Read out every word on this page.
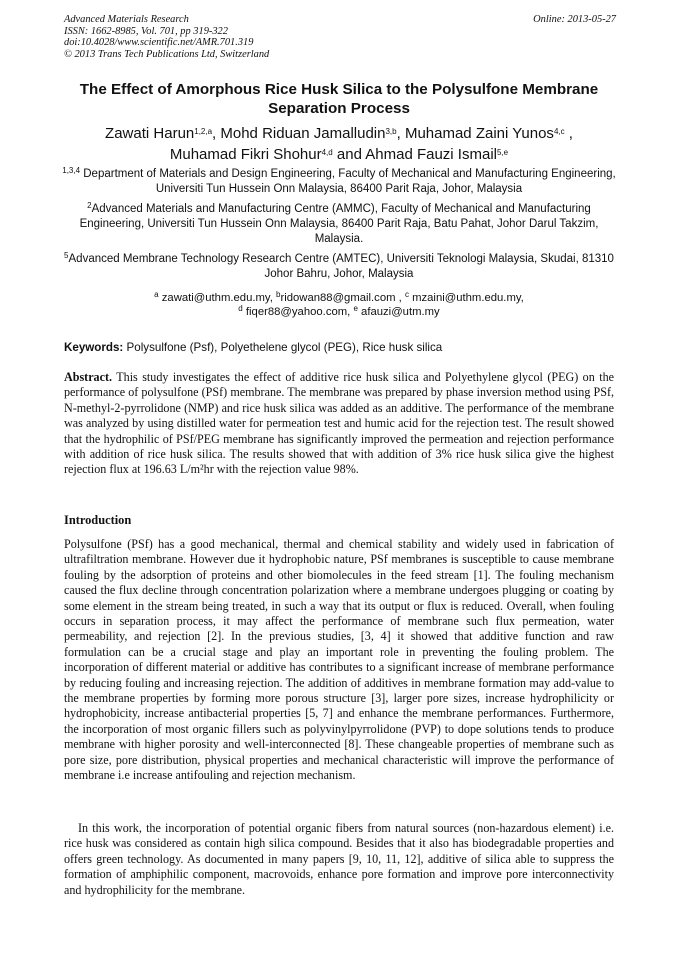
Advanced Materials Research
ISSN: 1662-8985, Vol. 701, pp 319-322
doi:10.4028/www.scientific.net/AMR.701.319
© 2013 Trans Tech Publications Ltd, Switzerland
Online: 2013-05-27
The Effect of Amorphous Rice Husk Silica to the Polysulfone Membrane
Separation Process
Zawati Harun$^{1,2,a}$, Mohd Riduan Jamalludin$^{3,b}$, Muhamad Zaini Yunos$^{4,c}$ ,
Muhamad Fikri Shohur$^{4,d}$ and Ahmad Fauzi Ismail$^{5,e}$
$^{1,3,4}$ Department of Materials and Design Engineering, Faculty of Mechanical and Manufacturing Engineering, Universiti Tun Hussein Onn Malaysia, 86400 Parit Raja, Johor, Malaysia
$^2$Advanced Materials and Manufacturing Centre (AMMC), Faculty of Mechanical and Manufacturing Engineering, Universiti Tun Hussein Onn Malaysia, 86400 Parit Raja, Batu Pahat, Johor Darul Takzim, Malaysia.
$^5$Advanced Membrane Technology Research Centre (AMTEC), Universiti Teknologi Malaysia, Skudai, 81310 Johor Bahru, Johor, Malaysia
$^a$ zawati@uthm.edu.my, $^b$ridowan88@gmail.com , $^c$ mzaini@uthm.edu.my,
$^d$ fiqer88@yahoo.com, $^e$ afauzi@utm.my
Keywords: Polysulfone (Psf), Polyethelene glycol (PEG), Rice husk silica
Abstract. This study investigates the effect of additive rice husk silica and Polyethylene glycol (PEG) on the performance of polysulfone (PSf) membrane. The membrane was prepared by phase inversion method using PSf, N-methyl-2-pyrrolidone (NMP) and rice husk silica was added as an additive. The performance of the membrane was analyzed by using distilled water for permeation test and humic acid for the rejection test. The result showed that the hydrophilic of PSf/PEG membrane has significantly improved the permeation and rejection performance with addition of rice husk silica. The results showed that with addition of 3% rice husk silica give the highest rejection flux at 196.63 L/m²hr with the rejection value 98%.
Introduction
Polysulfone (PSf) has a good mechanical, thermal and chemical stability and widely used in fabrication of ultrafiltration membrane. However due it hydrophobic nature, PSf membranes is susceptible to cause membrane fouling by the adsorption of proteins and other biomolecules in the feed stream [1]. The fouling mechanism caused the flux decline through concentration polarization where a membrane undergoes plugging or coating by some element in the stream being treated, in such a way that its output or flux is reduced. Overall, when fouling occurs in separation process, it may affect the performance of membrane such flux permeation, water permeability, and rejection [2]. In the previous studies, [3, 4] it showed that additive function and raw formulation can be a crucial stage and play an important role in preventing the fouling problem. The incorporation of different material or additive has contributes to a significant increase of membrane performance by reducing fouling and increasing rejection. The addition of additives in membrane formation may add-value to the membrane properties by forming more porous structure [3], larger pore sizes, increase hydrophilicity or hydrophobicity, increase antibacterial properties [5, 7] and enhance the membrane performances. Furthermore, the incorporation of most organic fillers such as polyvinylpyrrolidone (PVP) to dope solutions tends to produce membrane with higher porosity and well-interconnected [8]. These changeable properties of membrane such as pore size, pore distribution, physical properties and mechanical characteristic will improve the performance of membrane i.e increase antifouling and rejection mechanism.
In this work, the incorporation of potential organic fibers from natural sources (non-hazardous element) i.e. rice husk was considered as contain high silica compound. Besides that it also has biodegradable properties and offers green technology. As documented in many papers [9, 10, 11, 12], additive of silica able to suppress the formation of amphiphilic component, macrovoids, enhance pore formation and improve pore interconnectivity and hydrophilicity for the membrane.
